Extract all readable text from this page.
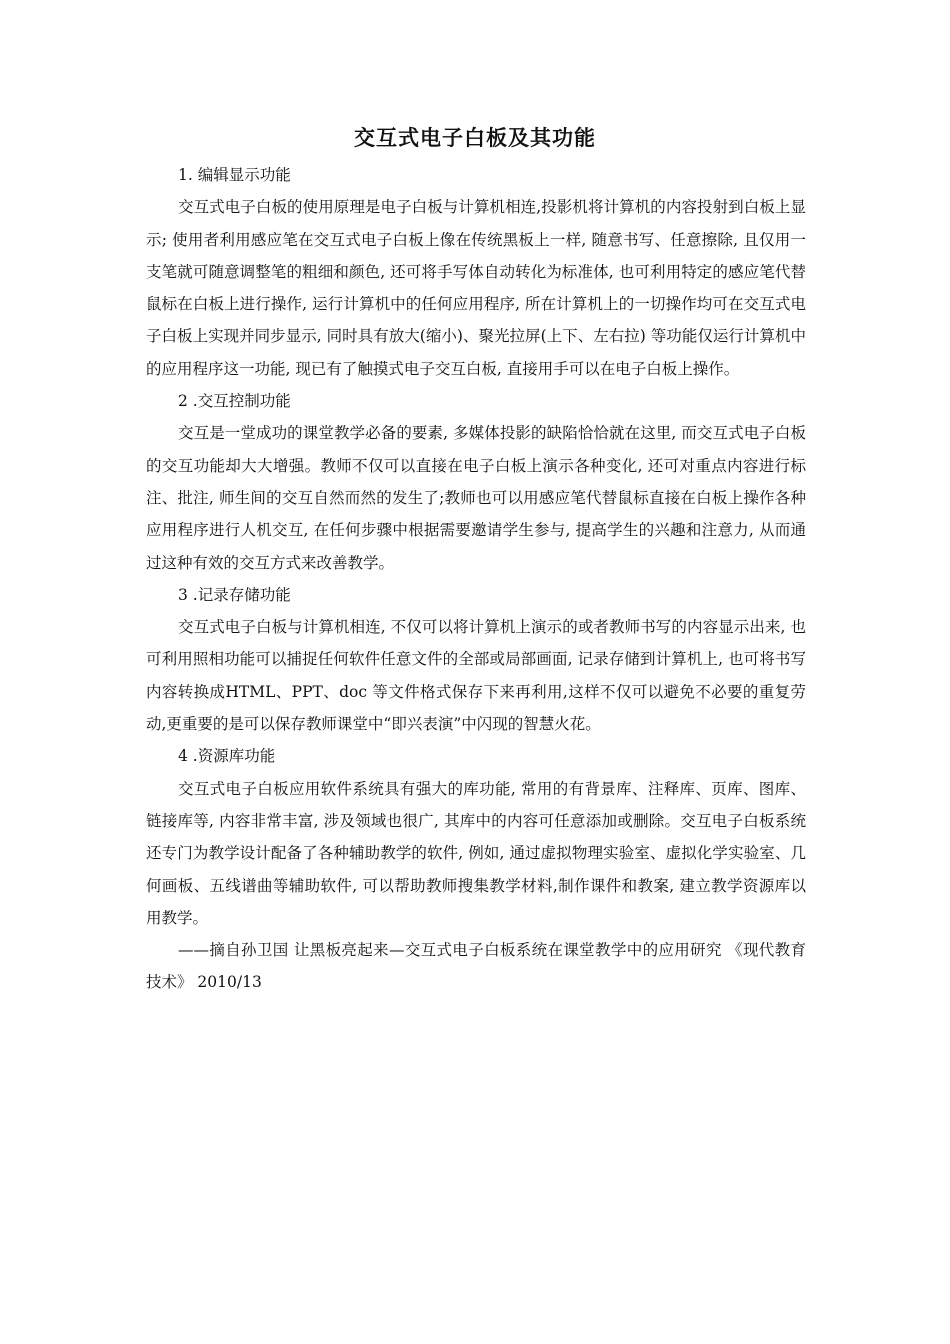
交互式电子白板及其功能

1. 编辑显示功能

交互式电子白板的使用原理是电子白板与计算机相连,投影机将计算机的内容投射到白板上显示; 使用者利用感应笔在交互式电子白板上像在传统黑板上一样, 随意书写、任意擦除, 且仅用一支笔就可随意调整笔的粗细和颜色, 还可将手写体自动转化为标准体, 也可利用特定的感应笔代替鼠标在白板上进行操作, 运行计算机中的任何应用程序, 所在计算机上的一切操作均可在交互式电子白板上实现并同步显示, 同时具有放大(缩小)、聚光拉屏(上下、左右拉) 等功能仅运行计算机中的应用程序这一功能, 现已有了触摸式电子交互白板, 直接用手可以在电子白板上操作。

2 .交互控制功能

交互是一堂成功的课堂教学必备的要素, 多媒体投影的缺陷恰恰就在这里, 而交互式电子白板的交互功能却大大增强。教师不仅可以直接在电子白板上演示各种变化, 还可对重点内容进行标注、批注, 师生间的交互自然而然的发生了;教师也可以用感应笔代替鼠标直接在白板上操作各种应用程序进行人机交互, 在任何步骤中根据需要邀请学生参与, 提高学生的兴趣和注意力, 从而通过这种有效的交互方式来改善教学。

3 .记录存储功能

交互式电子白板与计算机相连, 不仅可以将计算机上演示的或者教师书写的内容显示出来, 也可利用照相功能可以捕捉任何软件任意文件的全部或局部画面, 记录存储到计算机上, 也可将书写内容转换成HTML、PPT、doc 等文件格式保存下来再利用,这样不仅可以避免不必要的重复劳动,更重要的是可以保存教师课堂中“即兴表演”中闪现的智慧火花。

4 .资源库功能

交互式电子白板应用软件系统具有强大的库功能, 常用的有背景库、注释库、页库、图库、链接库等, 内容非常丰富, 涉及领域也很广, 其库中的内容可任意添加或删除。交互电子白板系统还专门为教学设计配备了各种辅助教学的软件, 例如, 通过虚拟物理实验室、虚拟化学实验室、几何画板、五线谱曲等辅助软件, 可以帮助教师搜集教学材料,制作课件和教案, 建立教学资源库以用教学。

——摘自孙卫国 让黑板亮起来—交互式电子白板系统在课堂教学中的应用研究 《现代教育技术》 2010/13
